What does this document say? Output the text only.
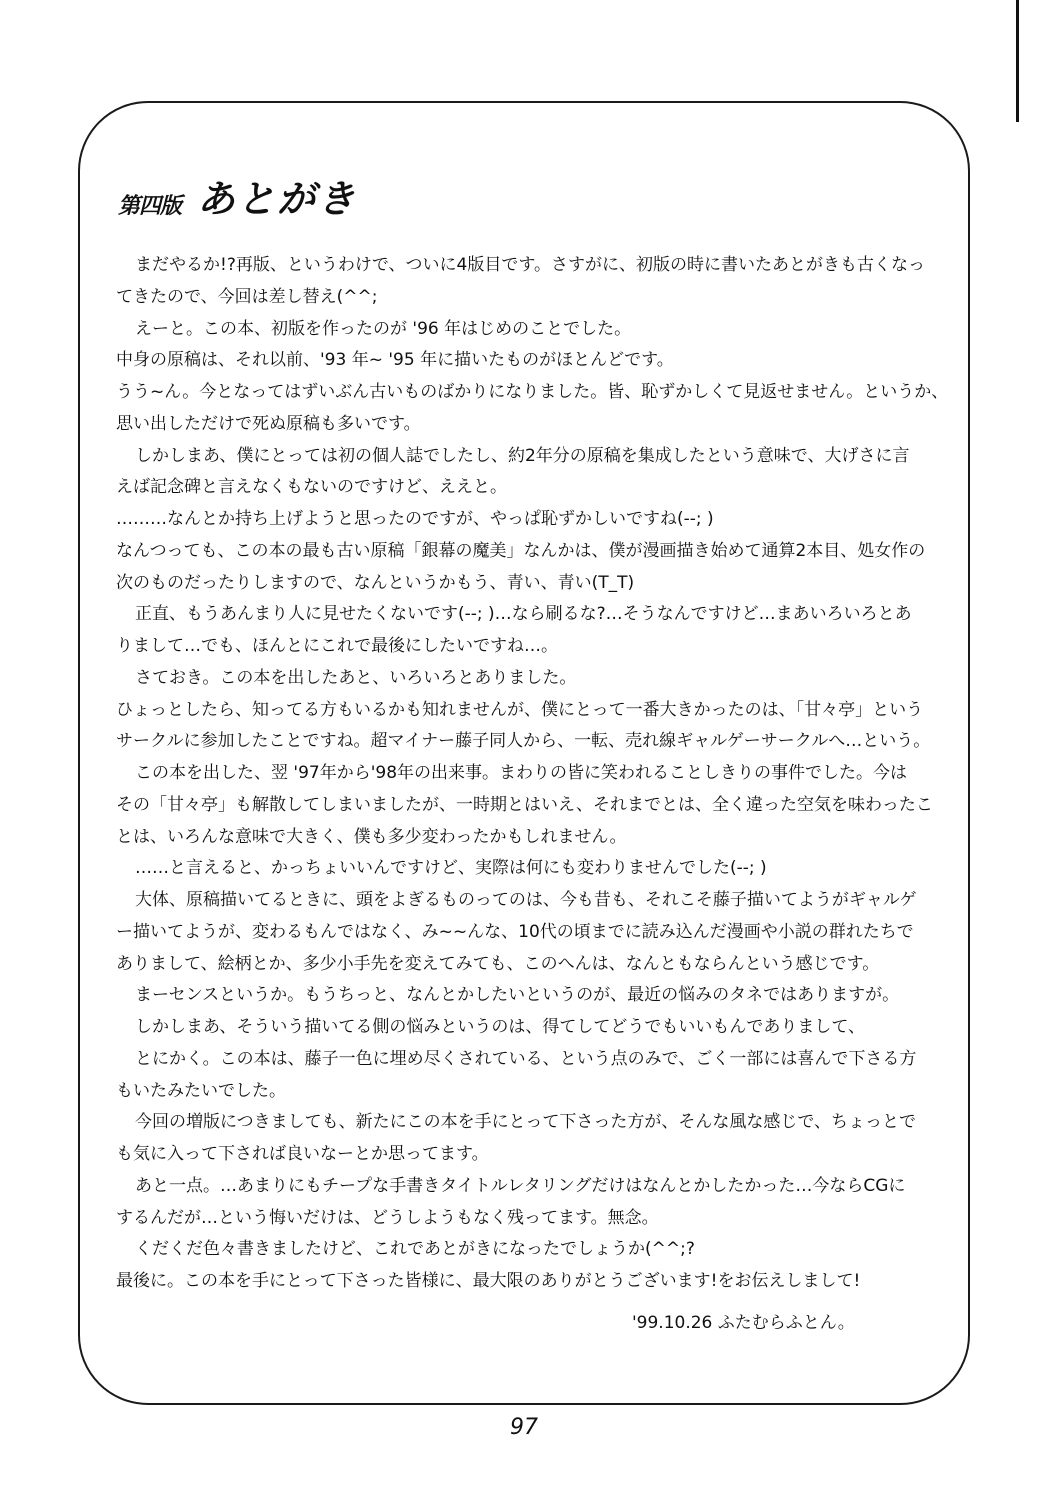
第四版 あとがき
まだやるか!?再版、というわけで、ついに4版目です。さすがに、初版の時に書いたあとがきも古くなっ
てきたので、今回は差し替え(^^;
えーと。この本、初版を作ったのが '96 年はじめのことでした。
中身の原稿は、それ以前、'93 年~ '95 年に描いたものがほとんどです。
うう~ん。今となってはずいぶん古いものばかりになりました。皆、恥ずかしくて見返せません。というか、
思い出しただけで死ぬ原稿も多いです。
しかしまあ、僕にとっては初の個人誌でしたし、約2年分の原稿を集成したという意味で、大げさに言
えば記念碑と言えなくもないのですけど、ええと。
………なんとか持ち上げようと思ったのですが、やっぱ恥ずかしいですね(--; )
なんつっても、この本の最も古い原稿「銀幕の魔美」なんかは、僕が漫画描き始めて通算2本目、処女作の
次のものだったりしますので、なんというかもう、青い、青い(T_T)
正直、もうあんまり人に見せたくないです(--; )…なら刷るな?…そうなんですけど…まあいろいろとあ
りまして…でも、ほんとにこれで最後にしたいですね…。
さておき。この本を出したあと、いろいろとありました。
ひょっとしたら、知ってる方もいるかも知れませんが、僕にとって一番大きかったのは、「甘々亭」という
サークルに参加したことですね。超マイナー藤子同人から、一転、売れ線ギャルゲーサークルへ…という。
この本を出した、翌 '97年から'98年の出来事。まわりの皆に笑われることしきりの事件でした。今は
その「甘々亭」も解散してしまいましたが、一時期とはいえ、それまでとは、全く違った空気を味わったこ
とは、いろんな意味で大きく、僕も多少変わったかもしれません。
……と言えると、かっちょいいんですけど、実際は何にも変わりませんでした(--; )
大体、原稿描いてるときに、頭をよぎるものってのは、今も昔も、それこそ藤子描いてようがギャルゲ
ー描いてようが、変わるもんではなく、み~~んな、10代の頃までに読み込んだ漫画や小説の群れたちで
ありまして、絵柄とか、多少小手先を変えてみても、このへんは、なんともならんという感じです。
まーセンスというか。もうちっと、なんとかしたいというのが、最近の悩みのタネではありますが。
しかしまあ、そういう描いてる側の悩みというのは、得てしてどうでもいいもんでありまして、
とにかく。この本は、藤子一色に埋め尽くされている、という点のみで、ごく一部には喜んで下さる方
もいたみたいでした。
今回の増版につきましても、新たにこの本を手にとって下さった方が、そんな風な感じで、ちょっとで
も気に入って下されば良いなーとか思ってます。
あと一点。…あまりにもチープな手書きタイトルレタリングだけはなんとかしたかった…今ならCGに
するんだが…という悔いだけは、どうしようもなく残ってます。無念。
くだくだ色々書きましたけど、これであとがきになったでしょうか(^^;?
最後に。この本を手にとって下さった皆様に、最大限のありがとうございます!をお伝えしまして!
'99.10.26 ふたむらふとん。
97
